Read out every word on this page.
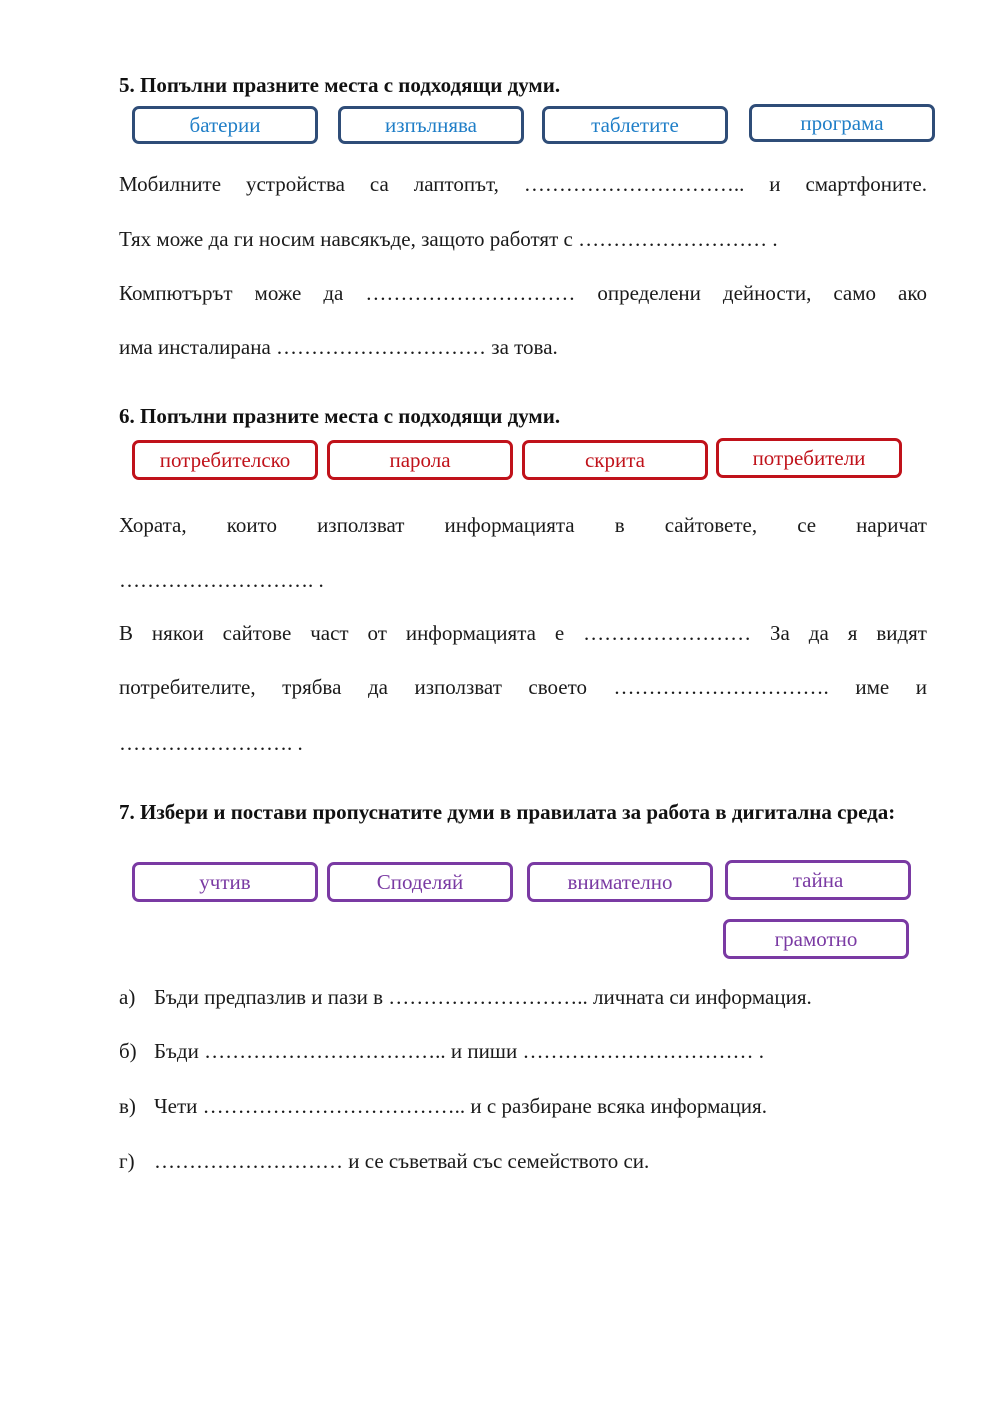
5. Попълни празните места с подходящи думи.
батерии	изпълнява	таблетите	програма
Мобилните устройства са лаптопът, ………………………….. и смартфоните.
Тях може да ги носим навсякъде, защото работят с ……………………… .
Компютърът може да ………………………… определени дейности, само ако
има инсталирана ………………………… за това.
6. Попълни празните места с подходящи думи.
потребителско	парола	скрита	потребители
Хората, които използват информацията в сайтовете, се наричат
………………………. .
В някои сайтове част от информацията е …………………… За да я видят
потребителите, трябва да използват своето …………………………. име и
……………………. .
7. Избери и постави пропуснатите думи в правилата за работа в дигитална среда:
учтив	Споделяй	внимателно	тайна
грамотно
а) Бъди предпазлив и пази в ……………………….. личната си информация.
б) Бъди …………………………….. и пиши …………………………… .
в) Чети ……………………………….. и с разбиране всяка информация.
г) ……………………… и се съветвай със семейството си.
